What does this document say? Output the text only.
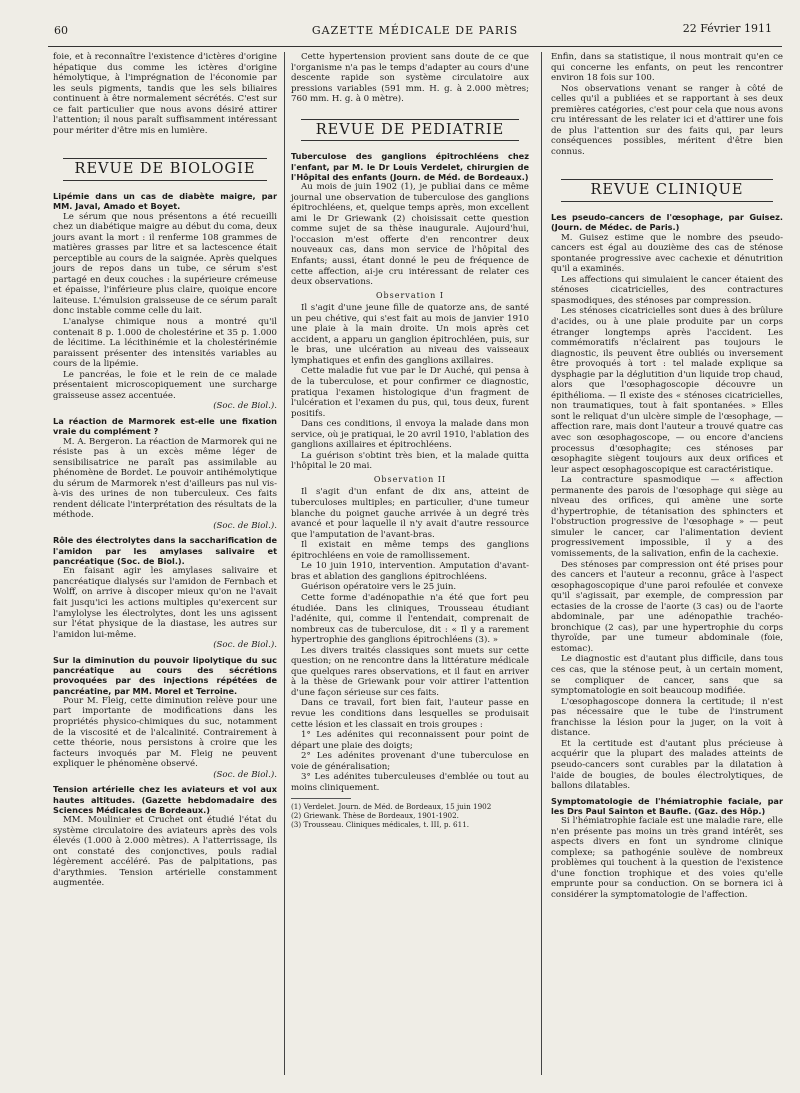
60	GAZETTE MÉDICALE DE PARIS	22 Février 1911

foie, et à reconnaître l'existence d'ictères d'origine hépatique dus comme les ictères d'origine hémolytique, à l'imprégnation de l'économie par les seuls pigments, tandis que les sels biliaires continuent à être normalement sécrétés. C'est sur ce fait particulier que nous avons désiré attirer l'attention; il nous paraît suffisamment intéressant pour mériter d'être mis en lumière.

REVUE DE BIOLOGIE
Lipémie dans un cas de diabète maigre, par MM. Javal, Amado et Boyet.

Le sérum que nous présentons a été recueilli chez un diabétique maigre au début du coma, deux jours avant la mort : il renferme 108 grammes de matières grasses par litre et sa lactescence était perceptible au cours de la saignée. Après quelques jours de repos dans un tube, ce sérum s'est partagé en deux couches : la supérieure crémeuse et épaisse, l'inférieure plus claire, quoique encore laiteuse. L'émulsion graisseuse de ce sérum paraît donc instable comme celle du lait.

L'analyse chimique nous a montré qu'il contenait 8 p. 1.000 de cholestérine et 35 p. 1.000 de lécitime. La lécithinémie et la cholestérinémie paraissent présenter des intensités variables au cours de la lipémie.

Le pancréas, le foie et le rein de ce malade présentaient microscopiquement une surcharge graisseuse assez accentuée.

(Soc. de Biol.).
La réaction de Marmorek est-elle une fixation vraie du complément ?

M. A. Bergeron. La réaction de Marmorek qui ne résiste pas à un excès même léger de sensibilisatrice ne paraît pas assimilable au phénomène de Bordet. Le pouvoir antihémolytique du sérum de Marmorek n'est d'ailleurs pas nul vis-à-vis des urines de non tuberculeux. Ces faits rendent délicate l'interprétation des résultats de la méthode.

(Soc. de Biol.).
Rôle des électrolytes dans la saccharification de l'amidon par les amylases salivaire et pancréatique (Soc. de Biol.).

En faisant agir les amylases salivaire et pancréatique dialysés sur l'amidon de Fernbach et Wolff, on arrive à discoper mieux qu'on ne l'avait fait jusqu'ici les actions multiples qu'exercent sur l'amylolyse les électrolytes, dont les uns agissent sur l'état physique de la diastase, les autres sur l'amidon lui-même.

(Soc. de Biol.).
Sur la diminution du pouvoir lipolytique du suc pancréatique au cours des sécrétions provoquées par des injections répétées de pancréatine, par MM. Morel et Terroine.

Pour M. Fleig, cette diminution relève pour une part importante de modifications dans les propriétés physico-chimiques du suc, notamment de la viscosité et de l'alcalinité. Contrairement à cette théorie, nous persistons à croire que les facteurs invoqués par M. Fleig ne peuvent expliquer le phénomène observé.

(Soc. de Biol.).
Tension artérielle chez les aviateurs et vol aux hautes altitudes. (Gazette hebdomadaire des Sciences Médicales de Bordeaux.)

MM. Moulinier et Cruchet ont étudié l'état du système circulatoire des aviateurs après des vols élevés (1.000 à 2.000 mètres). A l'atterrissage, ils ont constaté des conjonctives, pouls radial légèrement accéléré. Pas de palpitations, pas d'arythmies. Tension artérielle constamment augmentée.

Cette hypertension provient sans doute de ce que l'organisme n'a pas le temps d'adapter au cours d'une descente rapide son système circulatoire aux pressions variables (591 mm. H. g. à 2.000 mètres; 760 mm. H. g. à 0 mètre).

REVUE DE PEDIATRIE
Tuberculose des ganglions épitrochléens chez l'enfant, par M. le Dr Louis Verdelet, chirurgien de l'Hôpital des enfants (Journ. de Méd. de Bordeaux.)

Au mois de juin 1902 (1), je publiai dans ce même journal une observation de tuberculose des ganglions épitrochléens, et, quelque temps après, mon excellent ami le Dr Griewank (2) choisissait cette question comme sujet de sa thèse inaugurale. Aujourd'hui, l'occasion m'est offerte d'en rencontrer deux nouveaux cas, dans mon service de l'hôpital des Enfants; aussi, étant donné le peu de fréquence de cette affection, ai-je cru intéressant de relater ces deux observations.

Observation I

Il s'agit d'une jeune fille de quatorze ans, de santé un peu chétive, qui s'est fait au mois de janvier 1910 une plaie à la main droite. Un mois après cet accident, a apparu un ganglion épitrochléen, puis, sur le bras, une ulcération au niveau des vaisseaux lymphatiques et enfin des ganglions axillaires.

Cette maladie fut vue par le Dr Auché, qui pensa à de la tuberculose, et pour confirmer ce diagnostic, pratiqua l'examen histologique d'un fragment de l'ulcération et l'examen du pus, qui, tous deux, furent positifs.

Dans ces conditions, il envoya la malade dans mon service, où je pratiquai, le 20 avril 1910, l'ablation des ganglions axillaires et épitrochléens.

La guérison s'obtint très bien, et la malade quitta l'hôpital le 20 mai.

Observation II

Il s'agit d'un enfant de dix ans, atteint de tuberculoses multiples; en particulier, d'une tumeur blanche du poignet gauche arrivée à un degré très avancé et pour laquelle il n'y avait d'autre ressource que l'amputation de l'avant-bras.

Il existait en même temps des ganglions épitrochléens en voie de ramollissement.

Le 10 juin 1910, intervention. Amputation d'avant-bras et ablation des ganglions épitrochléens.

Guérison opératoire vers le 25 juin.

Cette forme d'adénopathie n'a été que fort peu étudiée. Dans les cliniques, Trousseau étudiant l'adénite, qui, comme il l'entendait, comprenait de nombreux cas de tuberculose, dit : « Il y a rarement hypertrophie des ganglions épitrochléens (3). »

Les divers traités classiques sont muets sur cette question; on ne rencontre dans la littérature médicale que quelques rares observations, et il faut en arriver à la thèse de Griewank pour voir attirer l'attention d'une façon sérieuse sur ces faits.

Dans ce travail, fort bien fait, l'auteur passe en revue les conditions dans lesquelles se produisait cette lésion et les classait en trois groupes :

1° Les adénites qui reconnaissent pour point de départ une plaie des doigts;

2° Les adénites provenant d'une tuberculose en voie de généralisation;

3° Les adénites tuberculeuses d'emblée ou tout au moins cliniquement.

(1) Verdelet. Journ. de Méd. de Bordeaux, 15 juin 1902

(2) Griewank. Thèse de Bordeaux, 1901-1902.

(3) Trousseau. Cliniques médicales, t. III, p. 611.

Enfin, dans sa statistique, il nous montrait qu'en ce qui concerne les enfants, on peut les rencontrer environ 18 fois sur 100.

Nos observations venant se ranger à côté de celles qu'il a publiées et se rapportant à ses deux premières catégories, c'est pour cela que nous avons cru intéressant de les relater ici et d'attirer une fois de plus l'attention sur des faits qui, par leurs conséquences possibles, méritent d'être bien connus.

REVUE CLINIQUE
Les pseudo-cancers de l'œsophage, par Guisez. (Journ. de Médec. de Paris.)

M. Guisez estime que le nombre des pseudo-cancers est égal au douzième des cas de sténose spontanée progressive avec cachexie et dénutrition qu'il a examinés.

Les affections qui simulaient le cancer étaient des sténoses cicatricielles, des contractures spasmodiques, des sténoses par compression.

Les sténoses cicatricielles sont dues à des brûlure d'acides, ou à une plaie produite par un corps étranger longtemps après l'accident. Les commémoratifs n'éclairent pas toujours le diagnostic, ils peuvent être oubliés ou inversement être provoqués à tort : tel malade explique sa dysphagie par la déglutition d'un liquide trop chaud, alors que l'œsophagoscopie découvre un épithélioma. — Il existe des « sténoses cicatricielles, non traumatiques, tout à fait spontanées. » Elles sont le reliquat d'un ulcère simple de l'œsophage, — affection rare, mais dont l'auteur a trouvé quatre cas avec son œsophagoscope, — ou encore d'anciens processus d'œsophagite; ces sténoses par œsophagite siègent toujours aux deux orifices et leur aspect œsophagoscopique est caractéristique.

La contracture spasmodique — « affection permanente des parois de l'œsophage qui siège au niveau des orifices, qui amène une sorte d'hypertrophie, de tétanisation des sphincters et l'obstruction progressive de l'œsophage » — peut simuler le cancer, car l'alimentation devient progressivement impossible, il y a des vomissements, de la salivation, enfin de la cachexie.

Des sténoses par compression ont été prises pour des cancers et l'auteur a reconnu, grâce à l'aspect œsophagoscopique d'une paroi refoulée et convexe qu'il s'agissait, par exemple, de compression par ectasies de la crosse de l'aorte (3 cas) ou de l'aorte abdominale, par une adénopathie trachéo-bronchique (2 cas), par une hypertrophie du corps thyroïde, par une tumeur abdominale (foie, estomac).

Le diagnostic est d'autant plus difficile, dans tous ces cas, que la sténose peut, à un certain moment, se compliquer de cancer, sans que sa symptomatologie en soit beaucoup modifiée.

L'œsophagoscope donnera la certitude; il n'est pas nécessaire que le tube de l'instrument franchisse la lésion pour la juger, on la voit à distance.

Et la certitude est d'autant plus précieuse à acquérir que la plupart des malades atteints de pseudo-cancers sont curables par la dilatation à l'aide de bougies, de boules électrolytiques, de ballons dilatables.

Symptomatologie de l'hémiatrophie faciale, par les Drs Paul Sainton et Baufle. (Gaz. des Hôp.)

Si l'hémiatrophie faciale est une maladie rare, elle n'en présente pas moins un très grand intérêt, ses aspects divers en font un syndrome clinique complexe; sa pathogénie soulève de nombreux problèmes qui touchent à la question de l'existence d'une fonction trophique et des voies qu'elle emprunte pour sa conduction. On se bornera ici à considérer la symptomatologie de l'affection.
